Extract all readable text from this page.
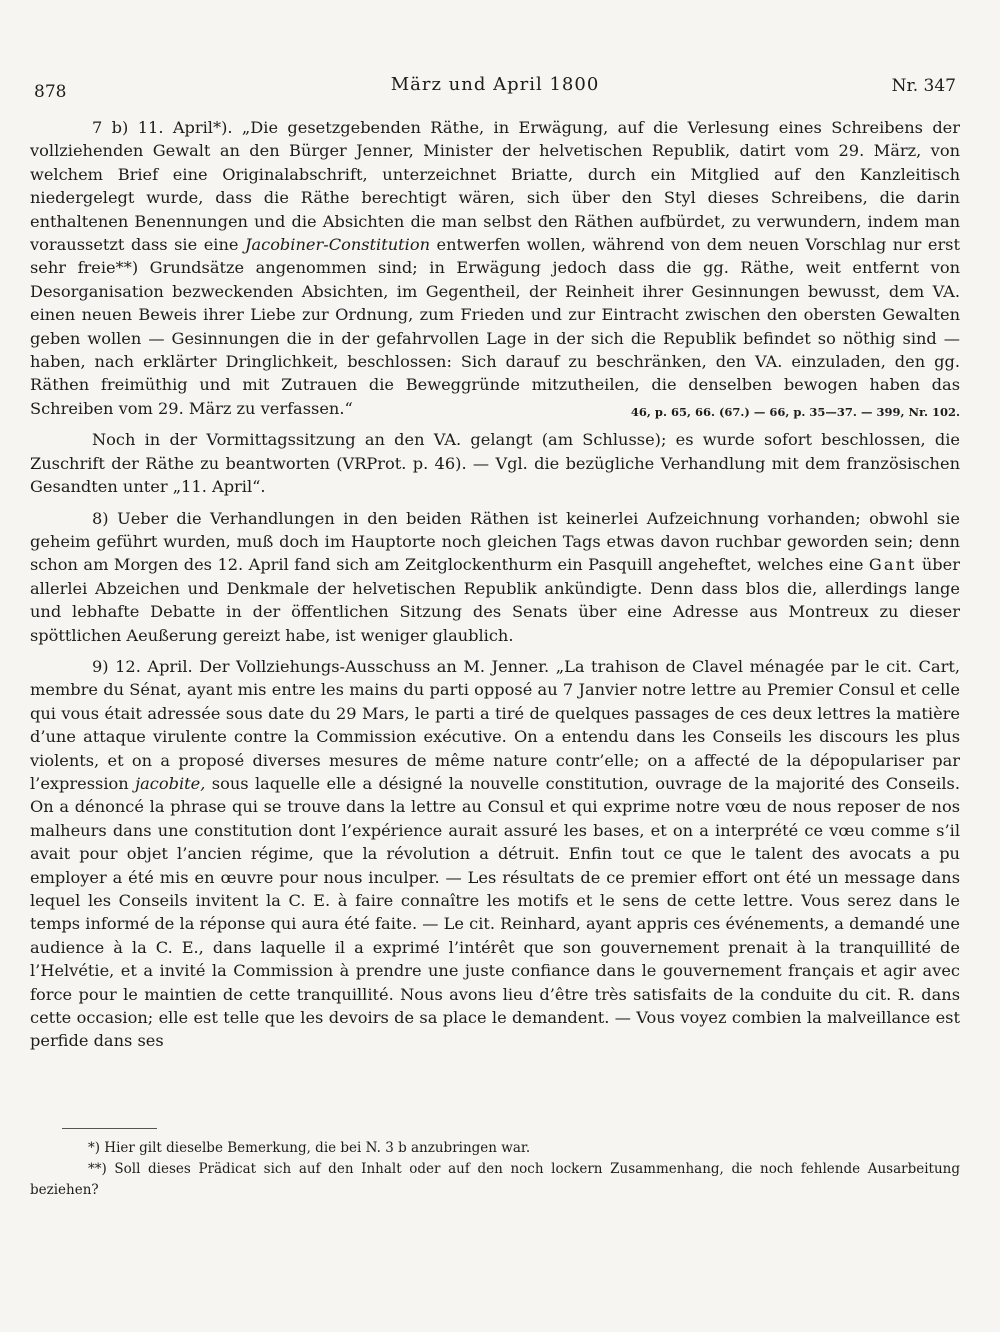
878	März und April 1800	Nr. 347

7 b) 11. April*). „Die gesetzgebenden Räthe, in Erwägung, auf die Verlesung eines Schreibens der vollziehenden Gewalt an den Bürger Jenner, Minister der helvetischen Republik, datirt vom 29. März, von welchem Brief eine Originalabschrift, unterzeichnet Briatte, durch ein Mitglied auf den Kanzleitisch niedergelegt wurde, dass die Räthe berechtigt wären, sich über den Styl dieses Schreibens, die darin enthaltenen Benennungen und die Absichten die man selbst den Räthen aufbürdet, zu verwundern, indem man voraussetzt dass sie eine Jacobiner-Constitution entwerfen wollen, während von dem neuen Vorschlag nur erst sehr freie**) Grundsätze angenommen sind; in Erwägung jedoch dass die gg. Räthe, weit entfernt von Desorganisation bezweckenden Absichten, im Gegentheil, der Reinheit ihrer Gesinnungen bewusst, dem VA. einen neuen Beweis ihrer Liebe zur Ordnung, zum Frieden und zur Eintracht zwischen den obersten Gewalten geben wollen — Gesinnungen die in der gefahrvollen Lage in der sich die Republik befindet so nöthig sind — haben, nach erklärter Dringlichkeit, beschlossen: Sich darauf zu beschränken, den VA. einzuladen, den gg. Räthen freimüthig und mit Zutrauen die Beweggründe mitzutheilen, die denselben bewogen haben das Schreiben vom 29. März zu verfassen.“	46, p. 65, 66. (67.) — 66, p. 35—37. — 399, Nr. 102.

Noch in der Vormittagssitzung an den VA. gelangt (am Schlusse); es wurde sofort beschlossen, die Zuschrift der Räthe zu beantworten (VRProt. p. 46). — Vgl. die bezügliche Verhandlung mit dem französischen Gesandten unter „11. April“.

8) Ueber die Verhandlungen in den beiden Räthen ist keinerlei Aufzeichnung vorhanden; obwohl sie geheim geführt wurden, muß doch im Hauptorte noch gleichen Tags etwas davon ruchbar geworden sein; denn schon am Morgen des 12. April fand sich am Zeitglockenthurm ein Pasquill angeheftet, welches eine Gant über allerlei Abzeichen und Denkmale der helvetischen Republik ankündigte. Denn dass blos die, allerdings lange und lebhafte Debatte in der öffentlichen Sitzung des Senats über eine Adresse aus Montreux zu dieser spöttlichen Aeußerung gereizt habe, ist weniger glaublich.

9) 12. April. Der Vollziehungs-Ausschuss an M. Jenner. „La trahison de Clavel ménagée par le cit. Cart, membre du Sénat, ayant mis entre les mains du parti opposé au 7 Janvier notre lettre au Premier Consul et celle qui vous était adressée sous date du 29 Mars, le parti a tiré de quelques passages de ces deux lettres la matière d’une attaque virulente contre la Commission exécutive. On a entendu dans les Conseils les discours les plus violents, et on a proposé diverses mesures de même nature contr’elle; on a affecté de la dépopulariser par l’expression jacobite, sous laquelle elle a désigné la nouvelle constitution, ouvrage de la majorité des Conseils. On a dénoncé la phrase qui se trouve dans la lettre au Consul et qui exprime notre vœu de nous reposer de nos malheurs dans une constitution dont l’expérience aurait assuré les bases, et on a interprété ce vœu comme s’il avait pour objet l’ancien régime, que la révolution a détruit. Enfin tout ce que le talent des avocats a pu employer a été mis en œuvre pour nous inculper. — Les résultats de ce premier effort ont été un message dans lequel les Conseils invitent la C. E. à faire connaître les motifs et le sens de cette lettre. Vous serez dans le temps informé de la réponse qui aura été faite. — Le cit. Reinhard, ayant appris ces événements, a demandé une audience à la C. E., dans laquelle il a exprimé l’intérêt que son gouvernement prenait à la tranquillité de l’Helvétie, et a invité la Commission à prendre une juste confiance dans le gouvernement français et agir avec force pour le maintien de cette tranquillité. Nous avons lieu d’être très satisfaits de la conduite du cit. R. dans cette occasion; elle est telle que les devoirs de sa place le demandent. — Vous voyez combien la malveillance est perfide dans ses

*) Hier gilt dieselbe Bemerkung, die bei N. 3 b anzubringen war.

**) Soll dieses Prädicat sich auf den Inhalt oder auf den noch lockern Zusammenhang, die noch fehlende Ausarbeitung beziehen?
